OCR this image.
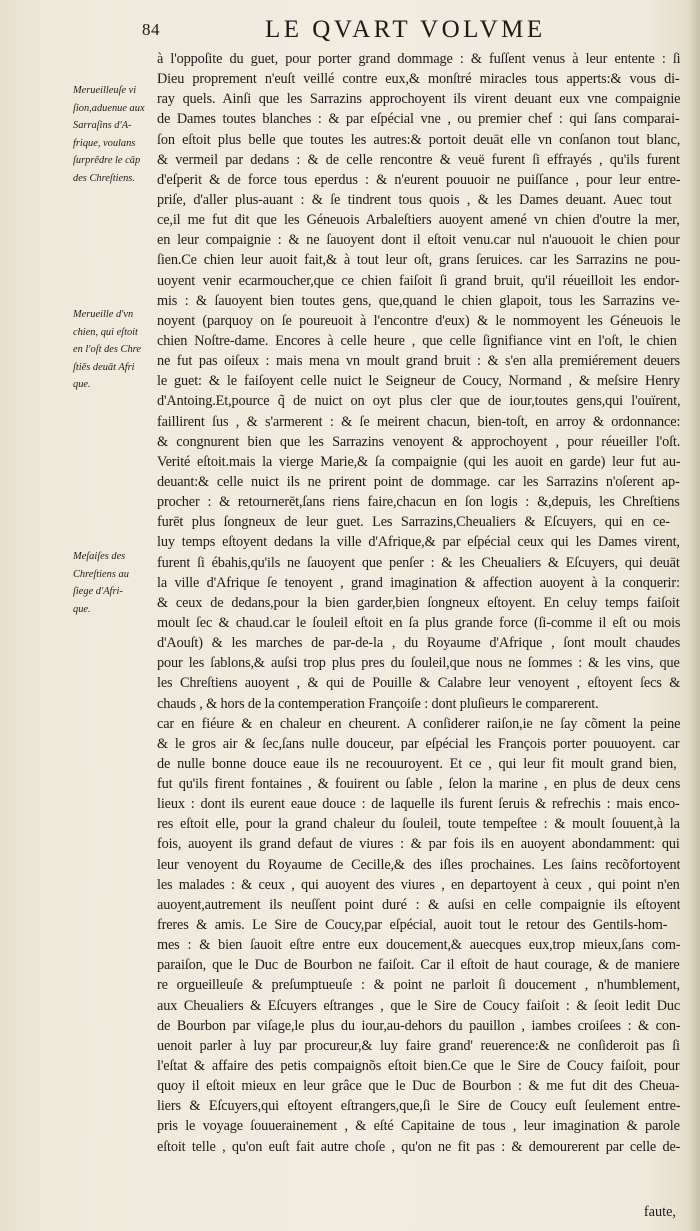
84	LE QVART VOLVME
Merueilleuſe vi
ſion,aduenue aux
Sarraſins d'A-
frique, voulans
ſurprēdre le cāp
des Chreſtiens.
Merueille d'vn
chien, qui eſtoit
en l'oſt des Chre
ſtiēs deuāt Afri
que.
Meſaiſes des
Chreſtiens au
ſiege d'Afri-
que.
à l'oppoſite du guet, pour porter grand dommage : & fuſſent venus à leur entente : ſi
Dieu proprement n'euſt veillé contre eux,& monſtré miracles tous apperts:& vous di-
ray quels. Ainſi que les Sarrazins approchoyent ils virent deuant eux vne compaignie
de Dames toutes blanches : & par eſpécial vne , ou premier chef : qui ſans comparai-
ſon eſtoit plus belle que toutes les autres:& portoit deuāt elle vn conſanon tout blanc,
& vermeil par dedans : & de celle rencontre & veuë furent ſi effrayés , qu'ils furent
d'eſperit & de force tous eperdus : & n'eurent pouuoir ne puiſſance , pour leur entre-
priſe, d'aller plus-auant : & ſe tindrent tous quois , & les Dames deuant. Auec tout
ce,il me fut dit que les Géneuois Arbaleſtiers auoyent amené vn chien d'outre la mer,
en leur compaignie : & ne ſauoyent dont il eſtoit venu.car nul n'auouoit le chien pour
ſien.Ce chien leur auoit fait,& à tout leur oſt, grans ſeruices. car les Sarrazins ne pou-
uoyent venir ecarmoucher,que ce chien faiſoit ſi grand bruit, qu'il réueilloit les endor-
mis : & ſauoyent bien toutes gens, que,quand le chien glapoit, tous les Sarrazins ve-
noyent (parquoy on ſe poureuoit à l'encontre d'eux) & le nommoyent les Géneuois le
chien Noſtre-dame. Encores à celle heure , que celle ſignifiance vint en l'oſt, le chien
ne fut pas oiſeux : mais mena vn moult grand bruit : & s'en alla premiérement deuers
le guet: & le faiſoyent celle nuict le Seigneur de Coucy, Normand , & meſsire Henry
d'Antoing.Et,pource q̃ de nuict on oyt plus cler que de iour,toutes gens,qui l'ouïrent,
faillirent ſus , & s'armerent : & ſe meirent chacun, bien-toſt, en arroy & ordonnance:
& congnurent bien que les Sarrazins venoyent & approchoyent , pour réueiller l'oſt.
Verité eſtoit.mais la vierge Marie,& ſa compaignie (qui les auoit en garde) leur fut au-
deuant:& celle nuict ils ne prirent point de dommage. car les Sarrazins n'oſerent ap-
procher : & retournerēt,ſans riens faire,chacun en ſon logis : &,depuis, les Chreſtiens
furēt plus ſongneux de leur guet. Les Sarrazins,Cheualiers & Eſcuyers, qui en ce-
luy temps eſtoyent dedans la ville d'Afrique,& par eſpécial ceux qui les Dames virent,
furent ſi ébahis,qu'ils ne ſauoyent que penſer : & les Cheualiers & Eſcuyers, qui deuāt
la ville d'Afrique ſe tenoyent , grand imagination & affection auoyent à la conquerir:
& ceux de dedans,pour la bien garder,bien ſongneux eſtoyent. En celuy temps faiſoit
moult ſec & chaud.car le ſouleil eſtoit en ſa plus grande force (ſi-comme il eſt ou mois
d'Aouſt) & les marches de par-de-la , du Royaume d'Afrique , ſont moult chaudes
pour les ſablons,& auſsi trop plus pres du ſouleil,que nous ne ſommes : & les vins, que
les Chreſtiens auoyent , & qui de Pouille & Calabre leur venoyent , eſtoyent ſecs &
chauds , & hors de la contemperation Françoiſe : dont pluſieurs le comparerent.
car en fiéure & en chaleur en cheurent. A conſiderer raiſon,ie ne ſay cõment la peine
& le gros air & ſec,ſans nulle douceur, par eſpécial les François porter pouuoyent. car
de nulle bonne douce eaue ils ne recouuroyent. Et ce , qui leur fit moult grand bien,
fut qu'ils firent fontaines , & fouirent ou ſable , ſelon la marine , en plus de deux cens
lieux : dont ils eurent eaue douce : de laquelle ils furent ſeruis & refrechis : mais enco-
res eſtoit elle, pour la grand chaleur du ſouleil, toute tempeſtee : & moult ſouuent,à la
fois, auoyent ils grand defaut de viures : & par fois ils en auoyent abondamment: qui
leur venoyent du Royaume de Cecille,& des iſles prochaines. Les ſains recõfortoyent
les malades : & ceux , qui auoyent des viures , en departoyent à ceux , qui point n'en
auoyent,autrement ils neuſſent point duré : & auſsi en celle compaignie ils eſtoyent
freres & amis. Le Sire de Coucy,par eſpécial, auoit tout le retour des Gentils-hom-
mes : & bien ſauoit eſtre entre eux doucement,& auecques eux,trop mieux,ſans com-
paraiſon, que le Duc de Bourbon ne faiſoit. Car il eſtoit de haut courage, & de maniere
re orgueilleuſe & preſumptueuſe : & point ne parloit ſi doucement , n'humblement,
aux Cheualiers & Eſcuyers eſtranges , que le Sire de Coucy faiſoit : & ſeoit ledit Duc
de Bourbon par viſage,le plus du iour,au-dehors du pauillon , iambes croiſees : & con-
uenoit parler à luy par procureur,& luy faire grand' reuerence:& ne conſideroit pas ſi
l'eſtat & affaire des petis compaignõs eſtoit bien.Ce que le Sire de Coucy faiſoit, pour
quoy il eſtoit mieux en leur grâce que le Duc de Bourbon : & me fut dit des Cheua-
liers & Eſcuyers,qui eſtoyent eſtrangers,que,ſi le Sire de Coucy euſt ſeulement entre-
pris le voyage ſouuerainement , & eſté Capitaine de tous , leur imagination & parole
eſtoit telle , qu'on euſt fait autre choſe , qu'on ne fit pas : & demourerent par celle de-
faute,
